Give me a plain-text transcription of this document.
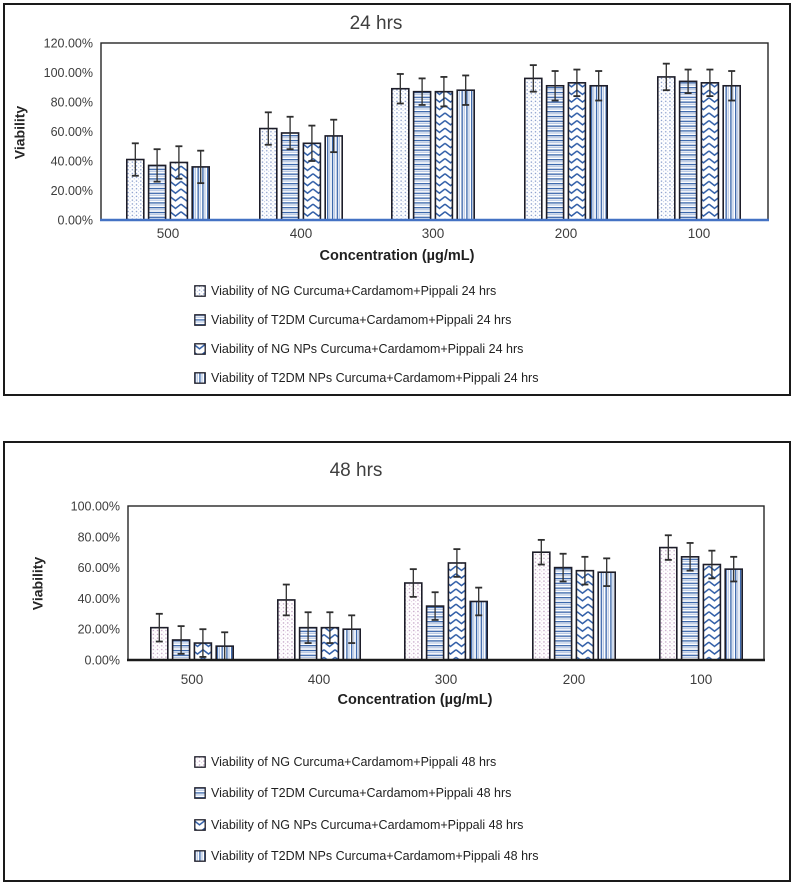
0.00%
20.00%
40.00%
60.00%
80.00%
100.00%
120.00%
500	400	300	200	100
24 hrs
Viability
Concentration (µg/mL)
Viability of NG Curcuma+Cardamom+Pippali 24 hrs
Viability of T2DM Curcuma+Cardamom+Pippali 24 hrs
Viability of NG NPs Curcuma+Cardamom+Pippali 24 hrs
Viability of T2DM NPs Curcuma+Cardamom+Pippali 24 hrs
0.00%
20.00%
40.00%
60.00%
80.00%
100.00%
500	400	300	200	100
48 hrs
Viability
Concentration (µg/mL)
Viability of NG Curcuma+Cardamom+Pippali 48 hrs
Viability of T2DM Curcuma+Cardamom+Pippali 48 hrs
Viability of NG NPs Curcuma+Cardamom+Pippali 48 hrs
Viability of T2DM NPs Curcuma+Cardamom+Pippali 48 hrs
